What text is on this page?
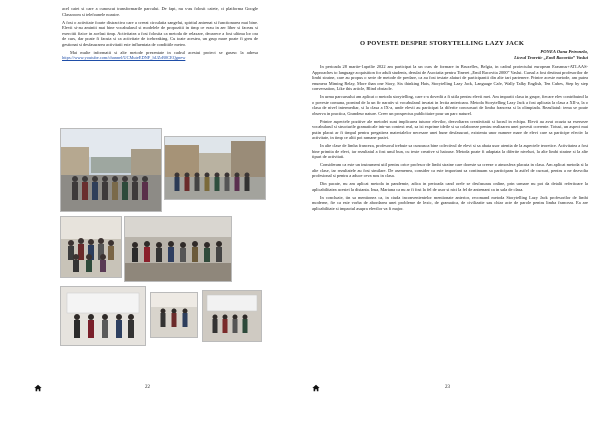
acel caiet si care a cunoscut transformarile parcului. De fapt, nu s-au folosit caiete, ci platforma Google Classroom si telefoanele noastre.

A fost o activitate foarte distractiva care a creeat circulatia sangelui, spiritul antrenat si functionarea mai bine. Elevii si-au amintit mai bine vocabularul si modelele de propozitii in timp ce erau in aer liber si faceau si exercitii fizice in acelasi timp. Activitatea a fost folosita ca metoda de relaxare, deoarece a fost ultima lor ora de curs, dar poate fi facuta si ca activitate de icebreaking. Cu toate acestea, un grup mare poate fi greu de gestionat si desfasurarea activitatii este influentata de conditiile meteo.

Mai multe informatii si alte metode prezentate in cadrul acestui proiect se gasesc la adresa https://www.youtube.com/channel/UCMuteEDNF_hUZrB0CEQgnew

22
O POVESTE DESPRE STORYTELLING LAZY JACK
PONEA Oana Petronela,
Liceul Teoretic „Emil Racovita” Vaslui

In perioada 28 martie-1aprilie 2022 am participat la un curs de formare in Bruxelles, Belgia, in cadrul proiectului european Erasmus+ATLAAS-Approaches to language acquisition for adult students, derulat de Asociatia pentru Tineret „Emil Racovita 2000” Vaslui. Cursul a fost destinat profesorilor de limbi straine, care au propus o serie de metode de predare, ca au fost testate alaturi de participantii din alte tari partenere. Printre aceste metode, am putea enumera Miming Relay, More than one Story, Six thinking Hats, Storytelling Lazy Jack, Language Cafe, Wally Talky English, Ten Cubes, Step by step conversation, Like this article, Blind obstacle.

In urma parcursului am aplicat o metoda storytelling, care s-a dovedit a fi utila pentru elevii mei. Am impartit clasa in grupe, fiecare elev contribuind la o poveste comuna, pornind de la un fir narativ si vocabularul invatat in lectia anterioara. Metoda Storytelling Lazy Jack a fost aplicata la clasa a XII-a, la o clasa de nivel intermediar, si la clasa a IX-a, unde elevii au participat la diferite concursuri de limba franceza si la olimpiada. Rezultatul: tema se poate observa in practica, Grandeur nature. Creer un prospectus publicitaire pour un parc naturel.

Printre aspectele pozitive ale metodei sunt implicarea tuturor elevilor, dezvoltarea creativitatii si lucrul in echipa. Elevii au avut ocazia sa exerseze vocabularul si structurile gramaticale intr-un context real, sa isi exprime ideile si sa colaboreze pentru realizarea unei povesti coerente. Totusi, un aspect mai putin placut ar fi timpul pentru pregatirea materialelor necesare unei bune desfasurari, existenta unor numere mare de elevi care sa participe efectiv la activitate, in timp ce altii pot ramane pasivi.

In alte clase de limba franceza, profesorul trebuie sa cunoasca bine colectivul de elevi si sa abata usor atentia de la aspectele teoretice. Activitatea a fost bine primita de elevi, iar rezultatul a fost unul bun, cu texte creative si haioase. Metoda poate fi adaptata la diferite niveluri, la alte limbi straine si la alte tipuri de activitati.

Consideram ca este un instrument util pentru orice profesor de limbi straine care doreste sa creeze o atmosfera placuta in clasa. Am aplicat metoda si la alte clase, iar rezultatele au fost similare. De asemenea, consider ca este important sa continuam sa participam la astfel de cursuri, pentru a ne dezvolta profesional si pentru a aduce ceva nou in clasa.

Din pacate, nu am aplicat metoda in pandemie, adica in perioada cand orele se desfasurau online, prin urmare nu pot da detalii referitoare la aplicabilitatea acestei la distanta. Insa, Mariana ca nu ar fi fost la fel de usor si nici la fel de antrenant ca in sala de clasa.

In concluzie, tin sa mentionez ca, in ciuda inconvenientelor mentionate anterior, recomand metoda Storytelling Lazy Jack profesorilor de limbi moderne, fie ca este vorba de abordarea unei probleme de lexic, de gramatica, de civilizatie sau chiar acte de parole pentru limba franceza. Ea are aplicabilitate si impactul asupra elevilor va fi major.

23
